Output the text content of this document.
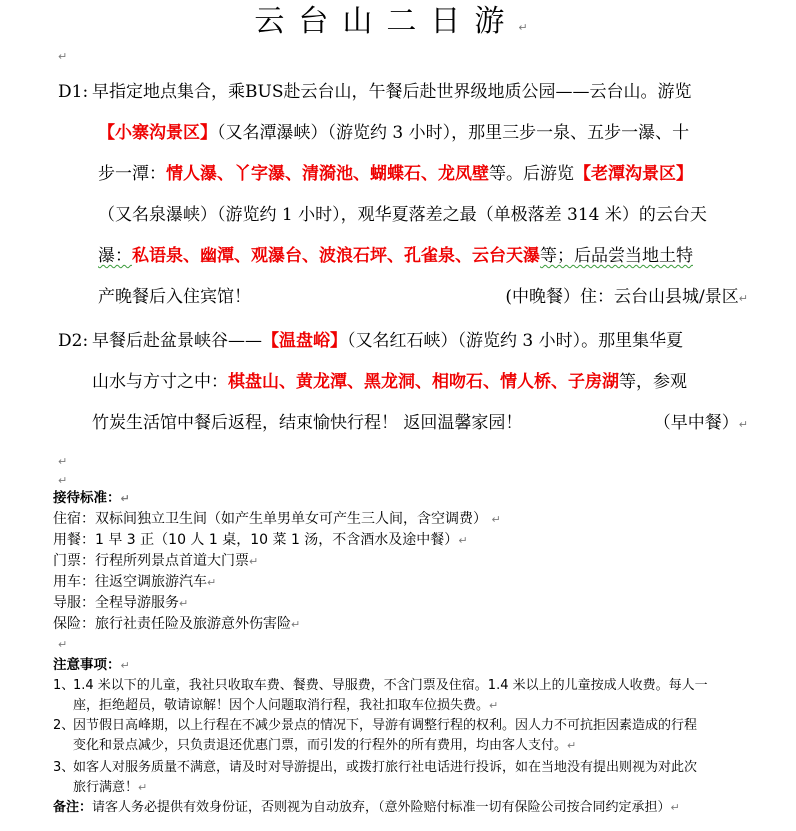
云台山二日游↵
↵
D1: 早指定地点集合，乘BUS赴云台山，午餐后赴世界级地质公园——云台山。游览
【小寨沟景区】（又名潭瀑峡）（游览约 3 小时），那里三步一泉、五步一瀑、十
步一潭：情人瀑、丫字瀑、清漪池、蝴蝶石、龙凤壁等。后游览【老潭沟景区】
（又名泉瀑峡）（游览约 1 小时），观华夏落差之最（单极落差 314 米）的云台天
瀑：私语泉、幽潭、观瀑台、波浪石坪、孔雀泉、云台天瀑等；后品尝当地土特
产晚餐后入住宾馆！	(中晚餐）住：云台山县城/景区↵
D2: 早餐后赴盆景峡谷——【温盘峪】（又名红石峡）（游览约 3 小时）。那里集华夏
山水与方寸之中：棋盘山、黄龙潭、黑龙洞、相吻石、情人桥、子房湖等，参观
竹炭生活馆中餐后返程，结束愉快行程！ 返回温馨家园！	（早中餐）↵
↵
↵
接待标准：↵
住宿：双标间独立卫生间（如产生单男单女可产生三人间，含空调费） ↵
用餐：1 早 3 正（10 人 1 桌，10 菜 1 汤，不含酒水及途中餐）↵
门票：行程所列景点首道大门票↵
用车：往返空调旅游汽车↵
导服：全程导游服务↵
保险：旅行社责任险及旅游意外伤害险↵
↵
注意事项：↵
1、
1.4 米以下的儿童，我社只收取车费、餐费、导服费，不含门票及住宿。1.4 米以上的儿童按成人收费。每人一
座，拒绝超员，敬请谅解！因个人问题取消行程，我社扣取车位损失费。↵
2、
因节假日高峰期，以上行程在不减少景点的情况下，导游有调整行程的权利。因人力不可抗拒因素造成的行程
变化和景点减少，只负责退还优惠门票，而引发的行程外的所有费用，均由客人支付。↵
3、
如客人对服务质量不满意，请及时对导游提出，或拨打旅行社电话进行投诉，如在当地没有提出则视为对此次
旅行满意！↵
备注：请客人务必提供有效身份证，否则视为自动放弃，（意外险赔付标准一切有保险公司按合同约定承担）↵
